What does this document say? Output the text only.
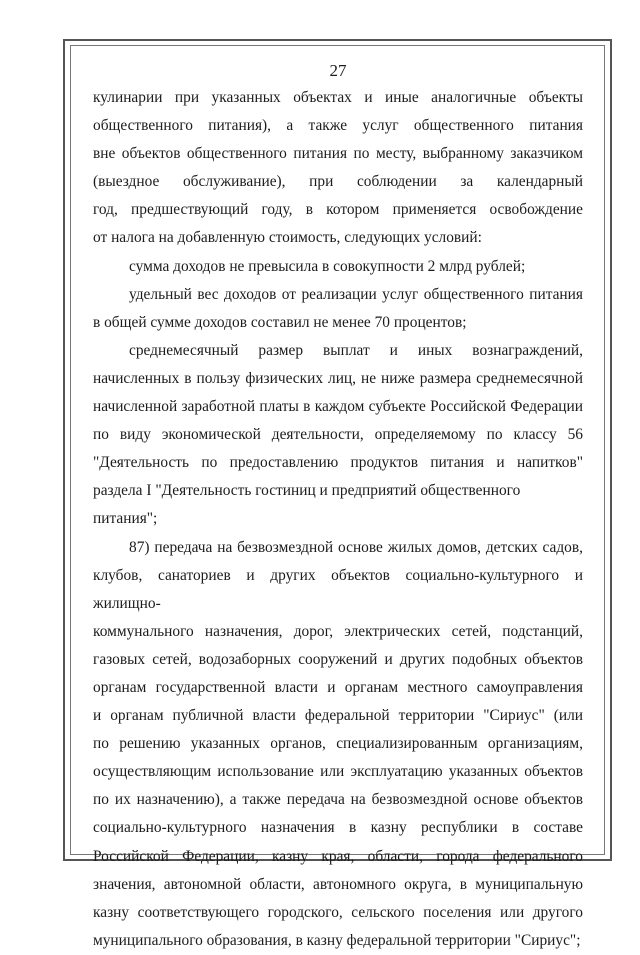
27

кулинарии при указанных объектах и иные аналогичные объекты

общественного питания), а также услуг общественного питания

вне объектов общественного питания по месту, выбранному заказчиком

(выездное обслуживание), при соблюдении за календарный

год, предшествующий году, в котором применяется освобождение

от налога на добавленную стоимость, следующих условий:

сумма доходов не превысила в совокупности 2 млрд рублей;

удельный вес доходов от реализации услуг общественного питания

в общей сумме доходов составил не менее 70 процентов;

среднемесячный размер выплат и иных вознаграждений,

начисленных в пользу физических лиц, не ниже размера среднемесячной

начисленной заработной платы в каждом субъекте Российской Федерации

по виду экономической деятельности, определяемому по классу 56

"Деятельность по предоставлению продуктов питания и напитков"

раздела I "Деятельность гостиниц и предприятий общественного питания";

87) передача на безвозмездной основе жилых домов, детских садов,

клубов, санаториев и других объектов социально-культурного и жилищно-

коммунального назначения, дорог, электрических сетей, подстанций,

газовых сетей, водозаборных сооружений и других подобных объектов

органам государственной власти и органам местного самоуправления

и органам публичной власти федеральной территории "Сириус" (или

по решению указанных органов, специализированным организациям,

осуществляющим использование или эксплуатацию указанных объектов

по их назначению), а также передача на безвозмездной основе объектов

социально-культурного назначения в казну республики в составе

Российской Федерации, казну края, области, города федерального

значения, автономной области, автономного округа, в муниципальную

казну соответствующего городского, сельского поселения или другого

муниципального образования, в казну федеральной территории "Сириус";
